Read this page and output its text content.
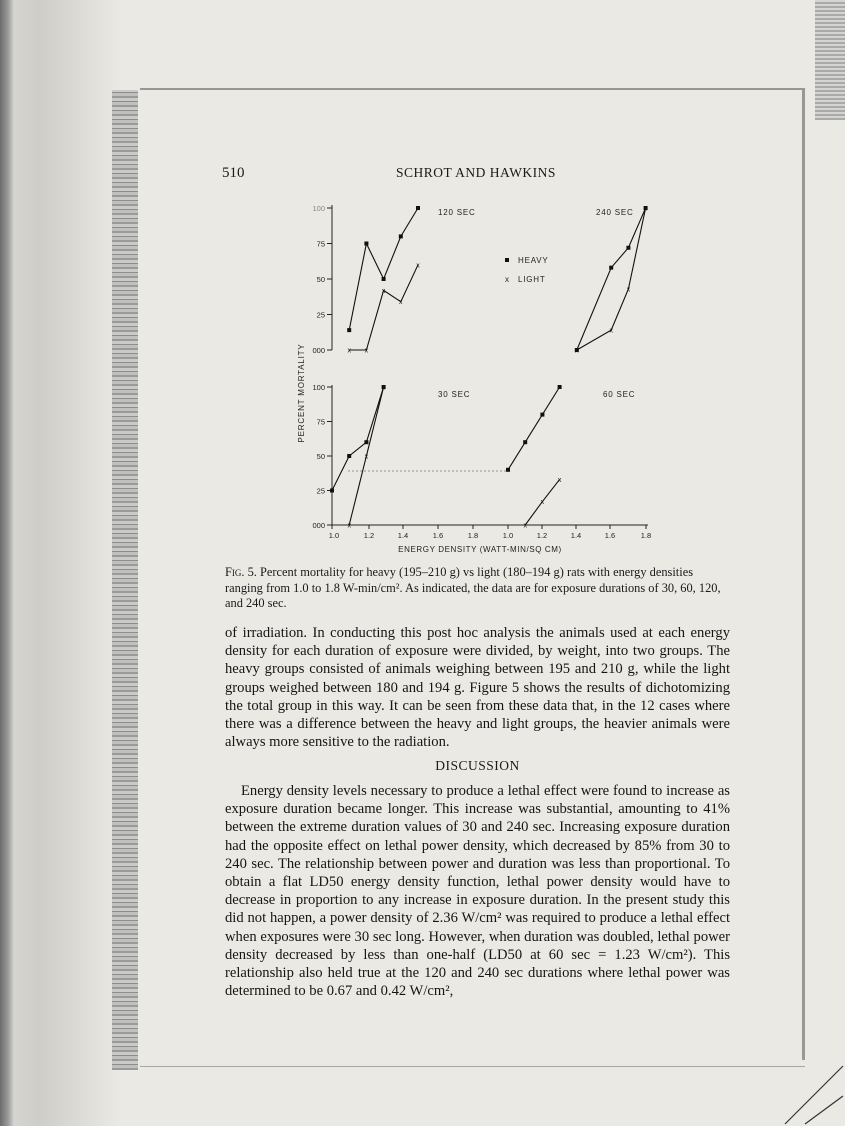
510	SCHROT AND HAWKINS
PERCENT MORTALITY
ENERGY DENSITY (WATT-MIN/SQ CM)
120 SEC	240 SEC
30 SEC	60 SEC
HEAVY
x LIGHT
100
75
50
25
000
100
75
50
25
000
1.0	1.2	1.4	1.6	1.8	1.0	1.2	1.4	1.6	1.8
x x
x
x
x
x
x
x
x
x
x
x
x
x
x
Fig. 5. Percent mortality for heavy (195–210 g) vs light (180–194 g) rats with energy densities ranging from 1.0 to 1.8 W-min/cm². As indicated, the data are for exposure durations of 30, 60, 120, and 240 sec.

of irradiation. In conducting this post hoc analysis the animals used at each energy density for each duration of exposure were divided, by weight, into two groups. The heavy groups consisted of animals weighing between 195 and 210 g, while the light groups weighed between 180 and 194 g. Figure 5 shows the results of dichotomizing the total group in this way. It can be seen from these data that, in the 12 cases where there was a difference between the heavy and light groups, the heavier animals were always more sensitive to the radiation.

DISCUSSION

Energy density levels necessary to produce a lethal effect were found to increase as exposure duration became longer. This increase was substantial, amounting to 41% between the extreme duration values of 30 and 240 sec. Increasing exposure duration had the opposite effect on lethal power density, which decreased by 85% from 30 to 240 sec. The relationship between power and duration was less than proportional. To obtain a flat LD50 energy density function, lethal power density would have to decrease in proportion to any increase in exposure duration. In the present study this did not happen, a power density of 2.36 W/cm² was required to produce a lethal effect when exposures were 30 sec long. However, when duration was doubled, lethal power density decreased by less than one-half (LD50 at 60 sec = 1.23 W/cm²). This relationship also held true at the 120 and 240 sec durations where lethal power was determined to be 0.67 and 0.42 W/cm²,
